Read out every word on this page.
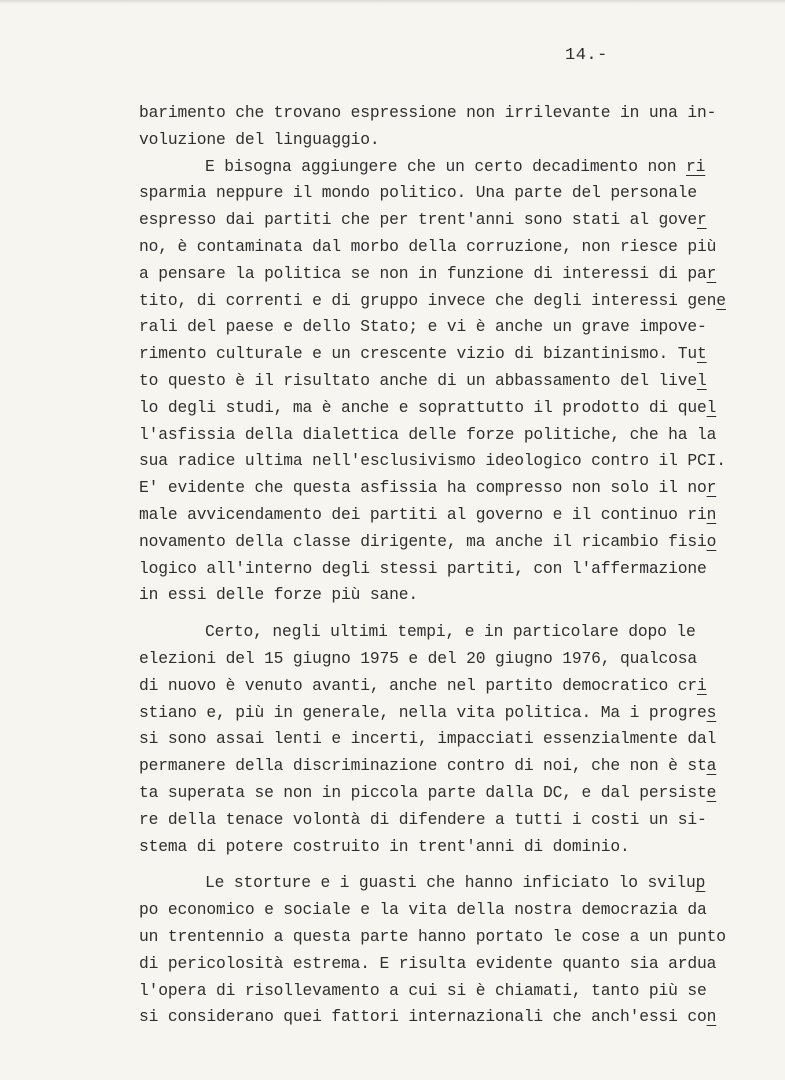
14.-
barimento che trovano espressione non irrilevante in una in-
voluzione del linguaggio.
E bisogna aggiungere che un certo decadimento non ri
sparmia neppure il mondo politico. Una parte del personale
espresso dai partiti che per trent'anni sono stati al gover
no, è contaminata dal morbo della corruzione, non riesce più
a pensare la politica se non in funzione di interessi di par
tito, di correnti e di gruppo invece che degli interessi gene
rali del paese e dello Stato; e vi è anche un grave impove-
rimento culturale e un crescente vizio di bizantinismo. Tut
to questo è il risultato anche di un abbassamento del livel
lo degli studi, ma è anche e soprattutto il prodotto di quel
l'asfissia della dialettica delle forze politiche, che ha la
sua radice ultima nell'esclusivismo ideologico contro il PCI.
E' evidente che questa asfissia ha compresso non solo il nor
male avvicendamento dei partiti al governo e il continuo rin
novamento della classe dirigente, ma anche il ricambio fisio
logico all'interno degli stessi partiti, con l'affermazione
in essi delle forze più sane.
Certo, negli ultimi tempi, e in particolare dopo le
elezioni del 15 giugno 1975 e del 20 giugno 1976, qualcosa
di nuovo è venuto avanti, anche nel partito democratico cri
stiano e, più in generale, nella vita politica. Ma i progres
si sono assai lenti e incerti, impacciati essenzialmente dal
permanere della discriminazione contro di noi, che non è sta
ta superata se non in piccola parte dalla DC, e dal persiste
re della tenace volontà di difendere a tutti i costi un si-
stema di potere costruito in trent'anni di dominio.
Le storture e i guasti che hanno inficiato lo svilup
po economico e sociale e la vita della nostra democrazia da
un trentennio a questa parte hanno portato le cose a un punto
di pericolosità estrema. E risulta evidente quanto sia ardua
l'opera di risollevamento a cui si è chiamati, tanto più se
si considerano quei fattori internazionali che anch'essi con
